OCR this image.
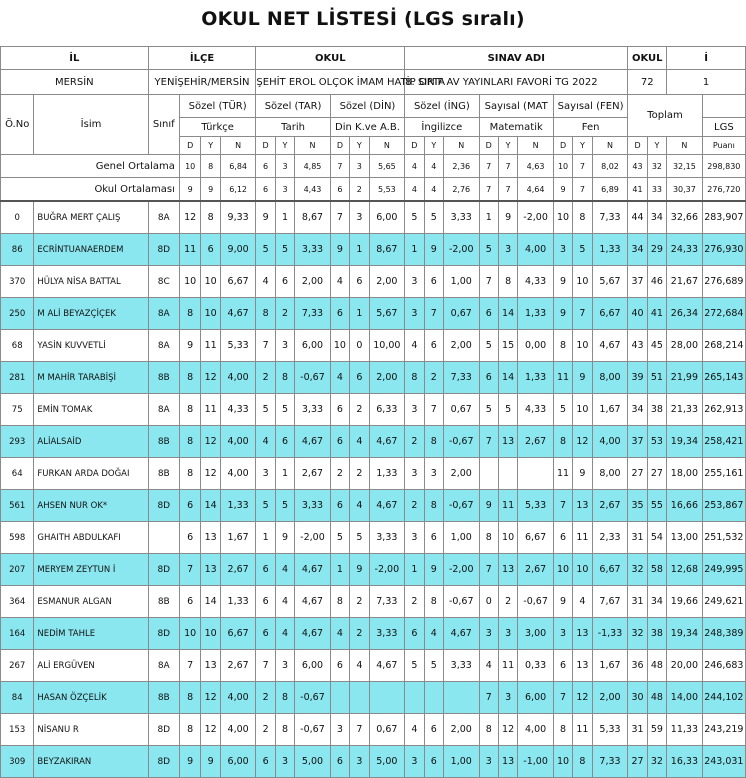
OKUL NET LİSTESİ (LGS sıralı)
İL		İLÇE				OKUL						SINAV ADI									OKUL		İ	
MERSİN		YENİŞEHİR/MERSİN				ŞEHİT EROL OLÇOK İMAM HATİP ORTA						8. SINIF AV YAYINLARI FAVORİ TG 2022									72		1	
Ö.No	İsim	Sınıf	Sözel (TÜR)			Sözel (TAR)			Sözel (DİN)			Sözel (İNG)			Sayısal (MAT			Sayısal (FEN)			Toplam			
			Türkçe			Tarih			Din K.ve A.B.			İngilizce			Matematik			Fen						LGS
			D	Y	N	D	Y	N	D	Y	N	D	Y	N	D	Y	N	D	Y	N	D	Y	N	Puanı
Genel Ortalama			10	8	6,84	6	3	4,85	7	3	5,65	4	4	2,36	7	7	4,63	10	7	8,02	43	32	32,15	298,830
Okul Ortalaması			9	9	6,12	6	3	4,43	6	2	5,53	4	4	2,76	7	7	4,64	9	7	6,89	41	33	30,37	276,720
0	BUĞRA MERT ÇALIŞ	8A	12	8	9,33	9	1	8,67	7	3	6,00	5	5	3,33	1	9	-2,00	10	8	7,33	44	34	32,66	283,907
86	ECRİNTUANAERDEM	8D	11	6	9,00	5	5	3,33	9	1	8,67	1	9	-2,00	5	3	4,00	3	5	1,33	34	29	24,33	276,930
370	HÜLYA NİSA BATTAL	8C	10	10	6,67	4	6	2,00	4	6	2,00	3	6	1,00	7	8	4,33	9	10	5,67	37	46	21,67	276,689
250	M ALİ BEYAZÇİÇEK	8A	8	10	4,67	8	2	7,33	6	1	5,67	3	7	0,67	6	14	1,33	9	7	6,67	40	41	26,34	272,684
68	YASİN KUVVETLİ	8A	9	11	5,33	7	3	6,00	10	0	10,00	4	6	2,00	5	15	0,00	8	10	4,67	43	45	28,00	268,214
281	M MAHİR TARABİŞİ	8B	8	12	4,00	2	8	-0,67	4	6	2,00	8	2	7,33	6	14	1,33	11	9	8,00	39	51	21,99	265,143
75	EMİN TOMAK	8A	8	11	4,33	5	5	3,33	6	2	6,33	3	7	0,67	5	5	4,33	5	10	1,67	34	38	21,33	262,913
293	ALİALSAİD	8B	8	12	4,00	4	6	4,67	6	4	4,67	2	8	-0,67	7	13	2,67	8	12	4,00	37	53	19,34	258,421
64	FURKAN ARDA DOĞAI	8B	8	12	4,00	3	1	2,67	2	2	1,33	3	3	2,00				11	9	8,00	27	27	18,00	255,161
561	AHSEN NUR OK*	8D	6	14	1,33	5	5	3,33	6	4	4,67	2	8	-0,67	9	11	5,33	7	13	2,67	35	55	16,66	253,867
598	GHAITH ABDULKAFI		6	13	1,67	1	9	-2,00	5	5	3,33	3	6	1,00	8	10	6,67	6	11	2,33	31	54	13,00	251,532
207	MERYEM ZEYTUN İ	8D	7	13	2,67	6	4	4,67	1	9	-2,00	1	9	-2,00	7	13	2,67	10	10	6,67	32	58	12,68	249,995
364	ESMANUR ALGAN	8B	6	14	1,33	6	4	4,67	8	2	7,33	2	8	-0,67	0	2	-0,67	9	4	7,67	31	34	19,66	249,621
164	NEDİM TAHLE	8D	10	10	6,67	6	4	4,67	4	2	3,33	6	4	4,67	3	3	3,00	3	13	-1,33	32	38	19,34	248,389
267	ALİ ERGÜVEN	8A	7	13	2,67	7	3	6,00	6	4	4,67	5	5	3,33	4	11	0,33	6	13	1,67	36	48	20,00	246,683
84	HASAN ÖZÇELİK	8B	8	12	4,00	2	8	-0,67							7	3	6,00	7	12	2,00	30	48	14,00	244,102
153	NİSANU R	8D	8	12	4,00	2	8	-0,67	3	7	0,67	4	6	2,00	8	12	4,00	8	11	5,33	31	59	11,33	243,219
309	BEYZAKIRAN	8D	9	9	6,00	6	3	5,00	6	3	5,00	3	6	1,00	3	13	-1,00	10	8	7,33	27	32	16,33	243,031
